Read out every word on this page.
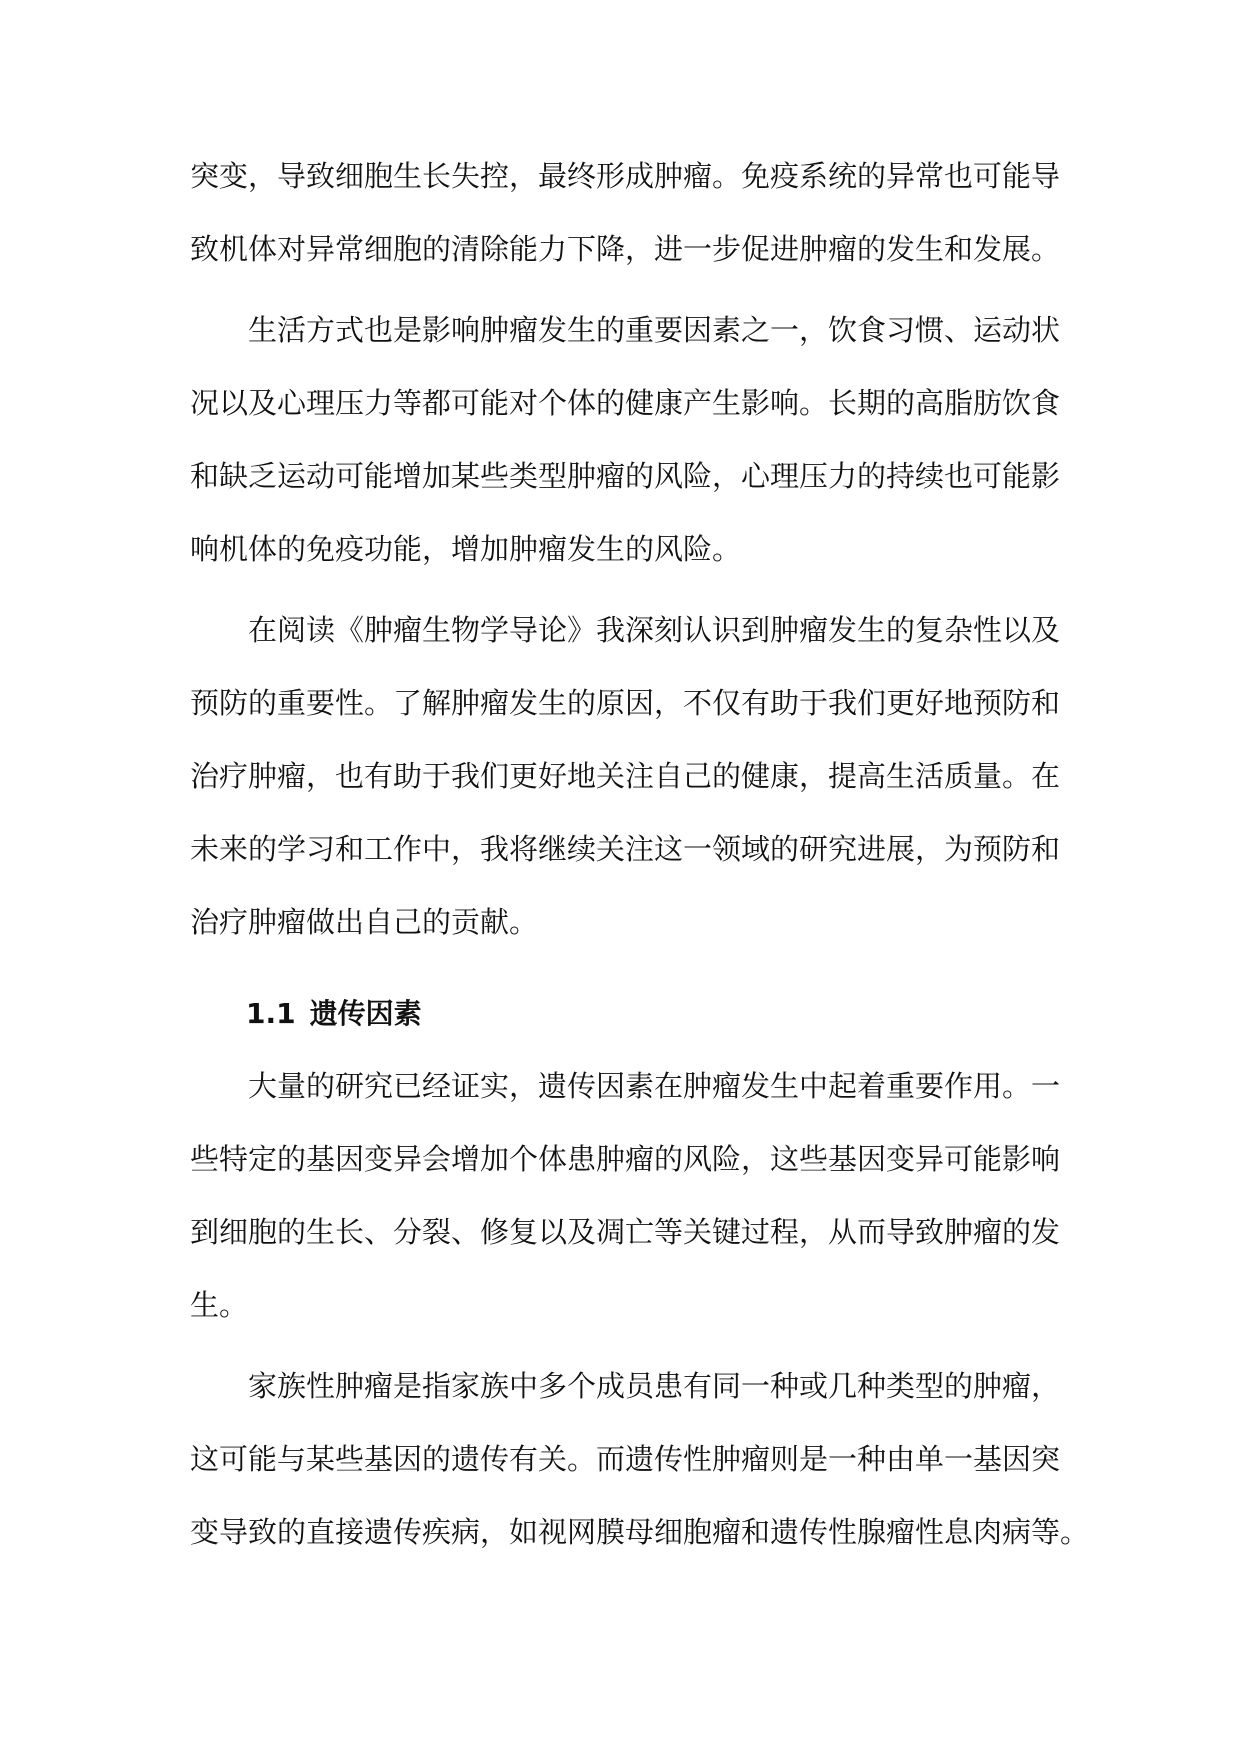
突变，导致细胞生长失控，最终形成肿瘤。免疫系统的异常也可能导
致机体对异常细胞的清除能力下降，进一步促进肿瘤的发生和发展。
生活方式也是影响肿瘤发生的重要因素之一，饮食习惯、运动状
况以及心理压力等都可能对个体的健康产生影响。长期的高脂肪饮食
和缺乏运动可能增加某些类型肿瘤的风险，心理压力的持续也可能影
响机体的免疫功能，增加肿瘤发生的风险。
在阅读《肿瘤生物学导论》我深刻认识到肿瘤发生的复杂性以及
预防的重要性。了解肿瘤发生的原因，不仅有助于我们更好地预防和
治疗肿瘤，也有助于我们更好地关注自己的健康，提高生活质量。在
未来的学习和工作中，我将继续关注这一领域的研究进展，为预防和
治疗肿瘤做出自己的贡献。
1.1 遗传因素
大量的研究已经证实，遗传因素在肿瘤发生中起着重要作用。一
些特定的基因变异会增加个体患肿瘤的风险，这些基因变异可能影响
到细胞的生长、分裂、修复以及凋亡等关键过程，从而导致肿瘤的发
生。
家族性肿瘤是指家族中多个成员患有同一种或几种类型的肿瘤，
这可能与某些基因的遗传有关。而遗传性肿瘤则是一种由单一基因突
变导致的直接遗传疾病，如视网膜母细胞瘤和遗传性腺瘤性息肉病等。
